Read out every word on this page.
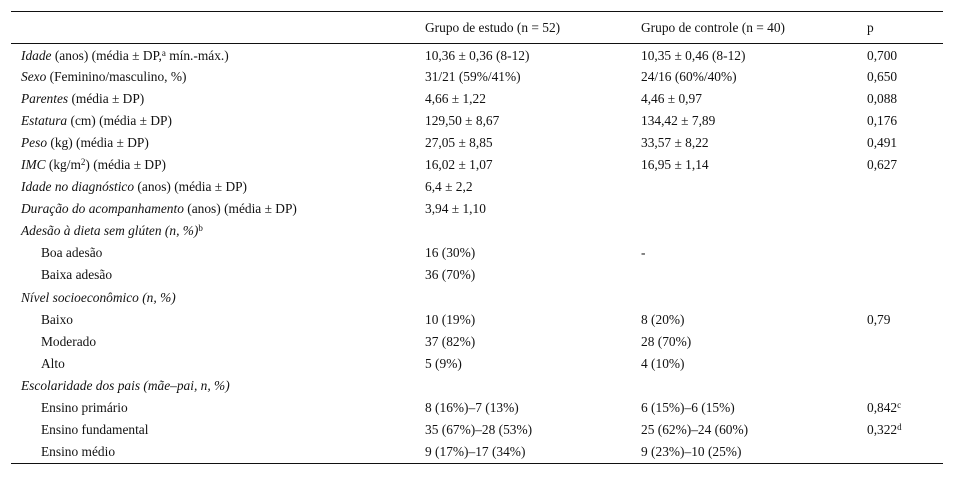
	Grupo de estudo (n = 52)	Grupo de controle (n = 40)	p
Idade (anos) (média ± DP,$^a$ mín.-máx.)	10,36 ± 0,36 (8-12)	10,35 ± 0,46 (8-12)	0,700
Sexo (Feminino/masculino, %)	31/21 (59%/41%)	24/16 (60%/40%)	0,650
Parentes (média ± DP)	4,66 ± 1,22	4,46 ± 0,97	0,088
Estatura (cm) (média ± DP)	129,50 ± 8,67	134,42 ± 7,89	0,176
Peso (kg) (média ± DP)	27,05 ± 8,85	33,57 ± 8,22	0,491
IMC $(kg/m^2)$ (média ± DP)	16,02 ± 1,07	16,95 ± 1,14	0,627
Idade no diagnóstico (anos) (média ± DP)	6,4 ± 2,2		
Duração do acompanhamento (anos) (média ± DP)	3,94 ± 1,10		
Adesão à dieta sem glúten (n, %)$^b$			
Boa adesão	16 (30%)	-	
Baixa adesão	36 (70%)		
Nível socioeconômico (n, %)			
Baixo	10 (19%)	8 (20%)	0,79
Moderado	37 (82%)	28 (70%)	
Alto	5 (9%)	4 (10%)	
Escolaridade dos pais (mãe–pai, n, %)			
Ensino primário	8 (16%)–7 (13%)	6 (15%)–6 (15%)	0,842$^c$
Ensino fundamental	35 (67%)–28 (53%)	25 (62%)–24 (60%)	0,322$^d$
Ensino médio	9 (17%)–17 (34%)	9 (23%)–10 (25%)	
